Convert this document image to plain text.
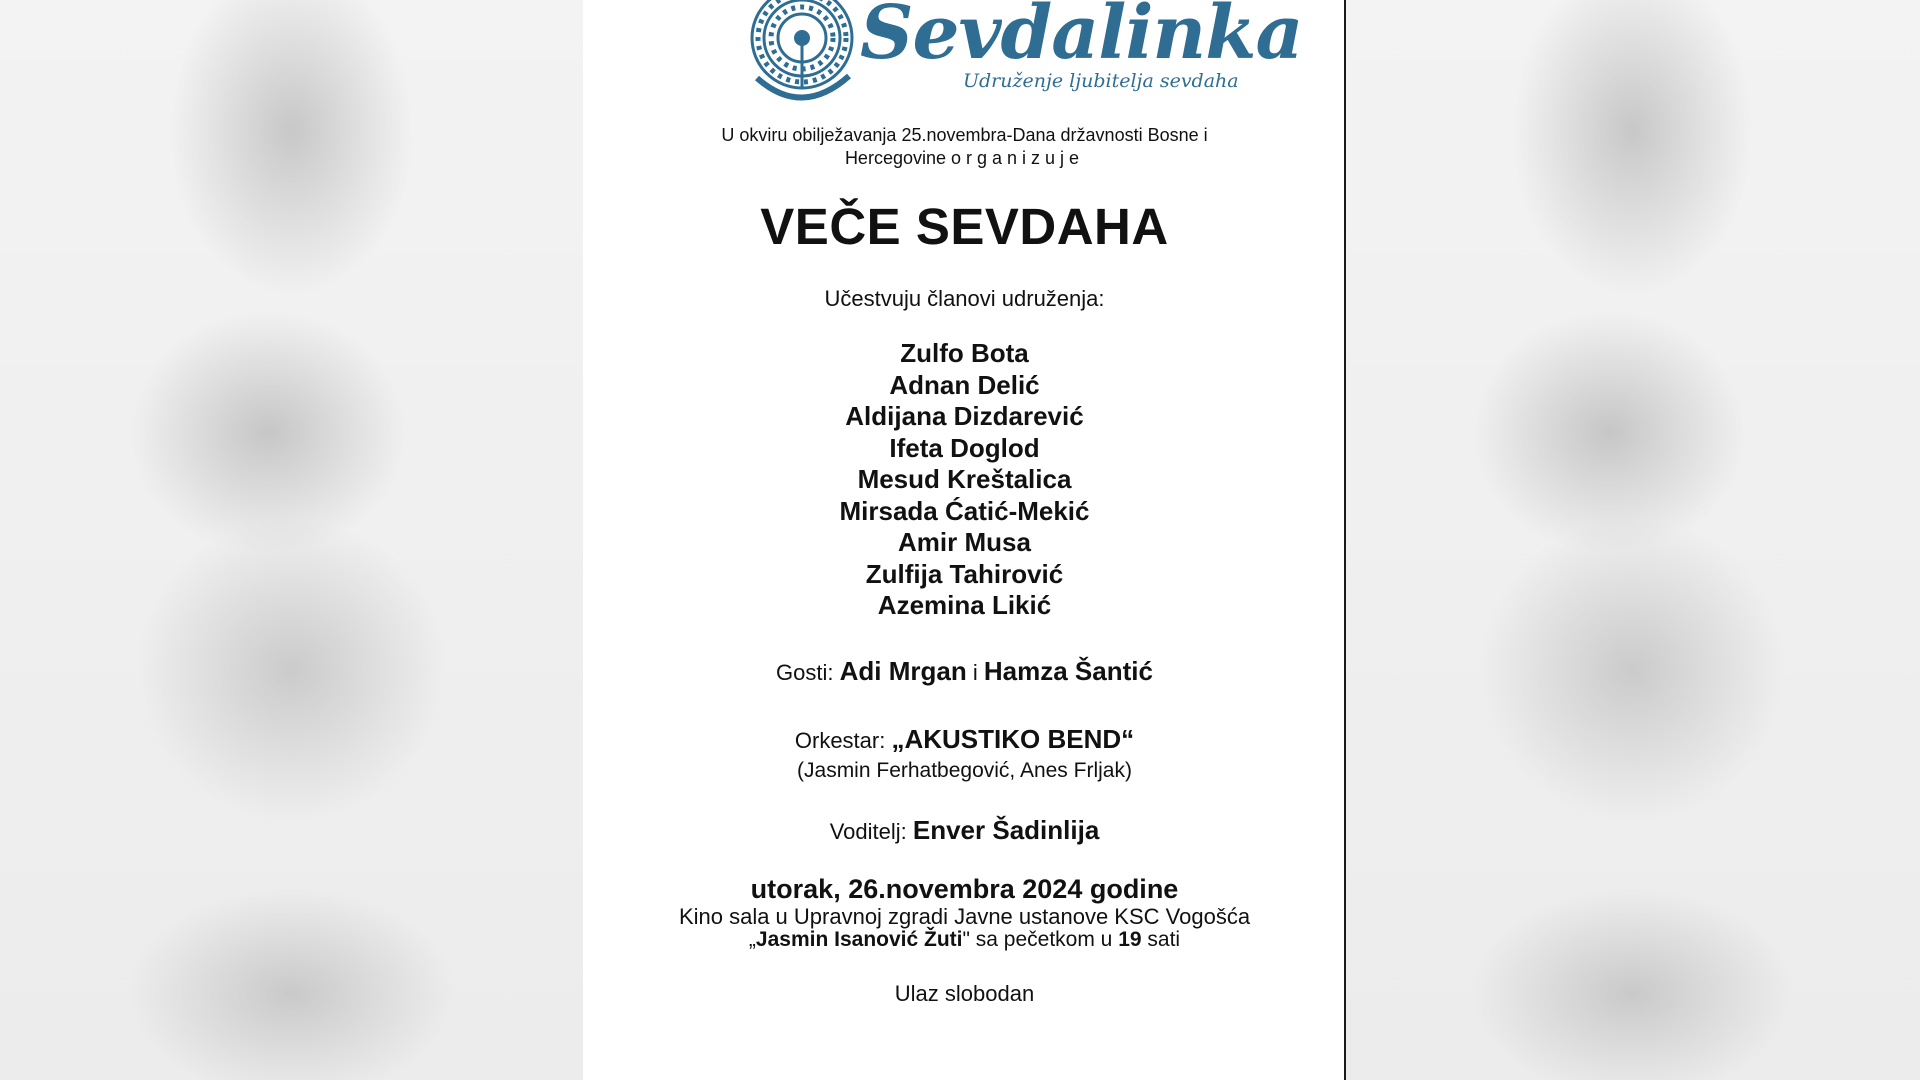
Sevdalinka
Udruženje ljubitelja sevdaha
U okviru obilježavanja 25.novembra-Dana državnosti Bosne i
Hercegovine organizuje
VEČE SEVDAHA
Učestvuju članovi udruženja:
Zulfo Bota
Adnan Delić
Aldijana Dizdarević
Ifeta Doglod
Mesud Kreštalica
Mirsada Ćatić-Mekić
Amir Musa
Zulfija Tahirović
Azemina Likić
Gosti: Adi Mrgan i Hamza Šantić
Orkestar: „AKUSTIKO BEND“
(Jasmin Ferhatbegović, Anes Frljak)
Voditelj: Enver Šadinlija
utorak, 26.novembra 2024 godine
Kino sala u Upravnoj zgradi Javne ustanove KSC Vogošća
„Jasmin Isanović Žuti" sa pečetkom u 19 sati
Ulaz slobodan
